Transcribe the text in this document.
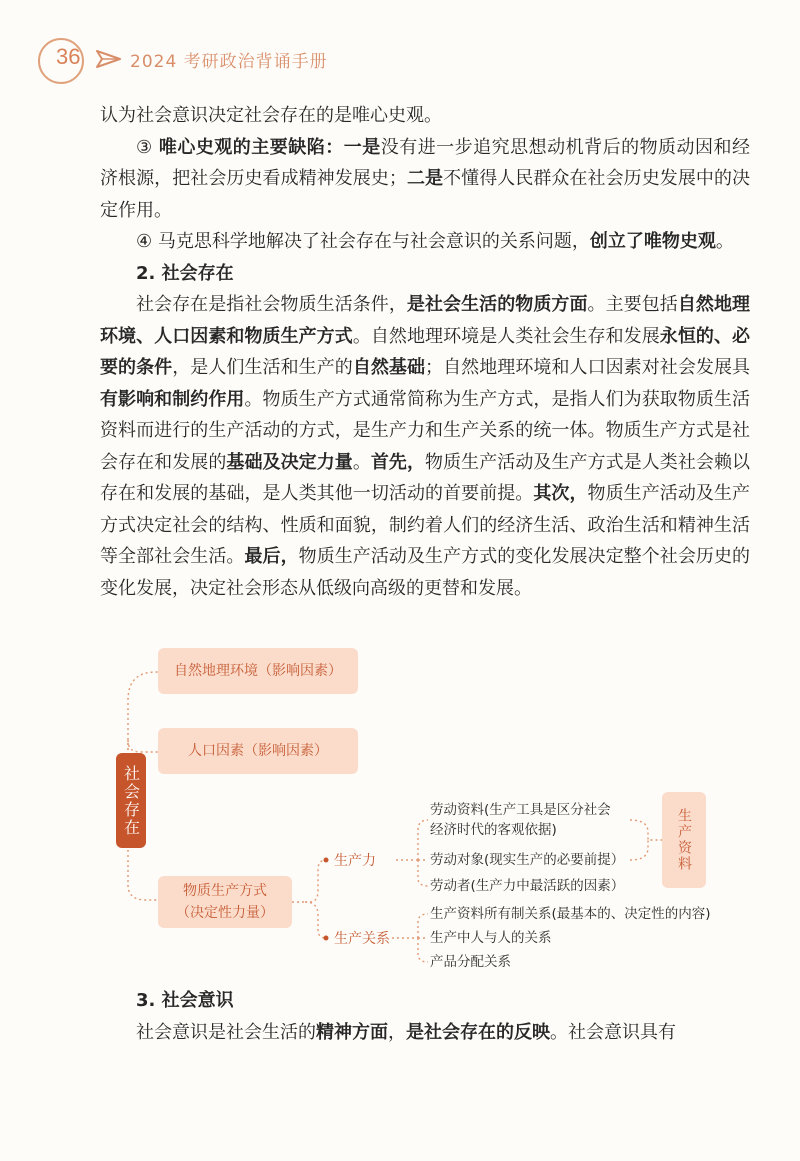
36	2024 考研政治背诵手册

认为社会意识决定社会存在的是唯心史观。

③ 唯心史观的主要缺陷：一是没有进一步追究思想动机背后的物质动因和经济根源，把社会历史看成精神发展史；二是不懂得人民群众在社会历史发展中的决定作用。

④ 马克思科学地解决了社会存在与社会意识的关系问题，创立了唯物史观。

2. 社会存在

社会存在是指社会物质生活条件，是社会生活的物质方面。主要包括自然地理环境、人口因素和物质生产方式。自然地理环境是人类社会生存和发展永恒的、必要的条件，是人们生活和生产的自然基础；自然地理环境和人口因素对社会发展具有影响和制约作用。物质生产方式通常简称为生产方式，是指人们为获取物质生活资料而进行的生产活动的方式，是生产力和生产关系的统一体。物质生产方式是社会存在和发展的基础及决定力量。首先，物质生产活动及生产方式是人类社会赖以存在和发展的基础，是人类其他一切活动的首要前提。其次，物质生产活动及生产方式决定社会的结构、性质和面貌，制约着人们的经济生活、政治生活和精神生活等全部社会生活。最后，物质生产活动及生产方式的变化发展决定整个社会历史的变化发展，决定社会形态从低级向高级的更替和发展。

社会存在
自然地理环境（影响因素）
人口因素（影响因素）
物质生产方式
（决定性力量）
生产力
生产关系
劳动资料(生产工具是区分社会
经济时代的客观依据)
劳动对象(现实生产的必要前提）
劳动者(生产力中最活跃的因素）
生产资料所有制关系(最基本的、决定性的内容)
生产中人与人的关系
产品分配关系
生产资料

3. 社会意识

社会意识是社会生活的精神方面，是社会存在的反映。社会意识具有
